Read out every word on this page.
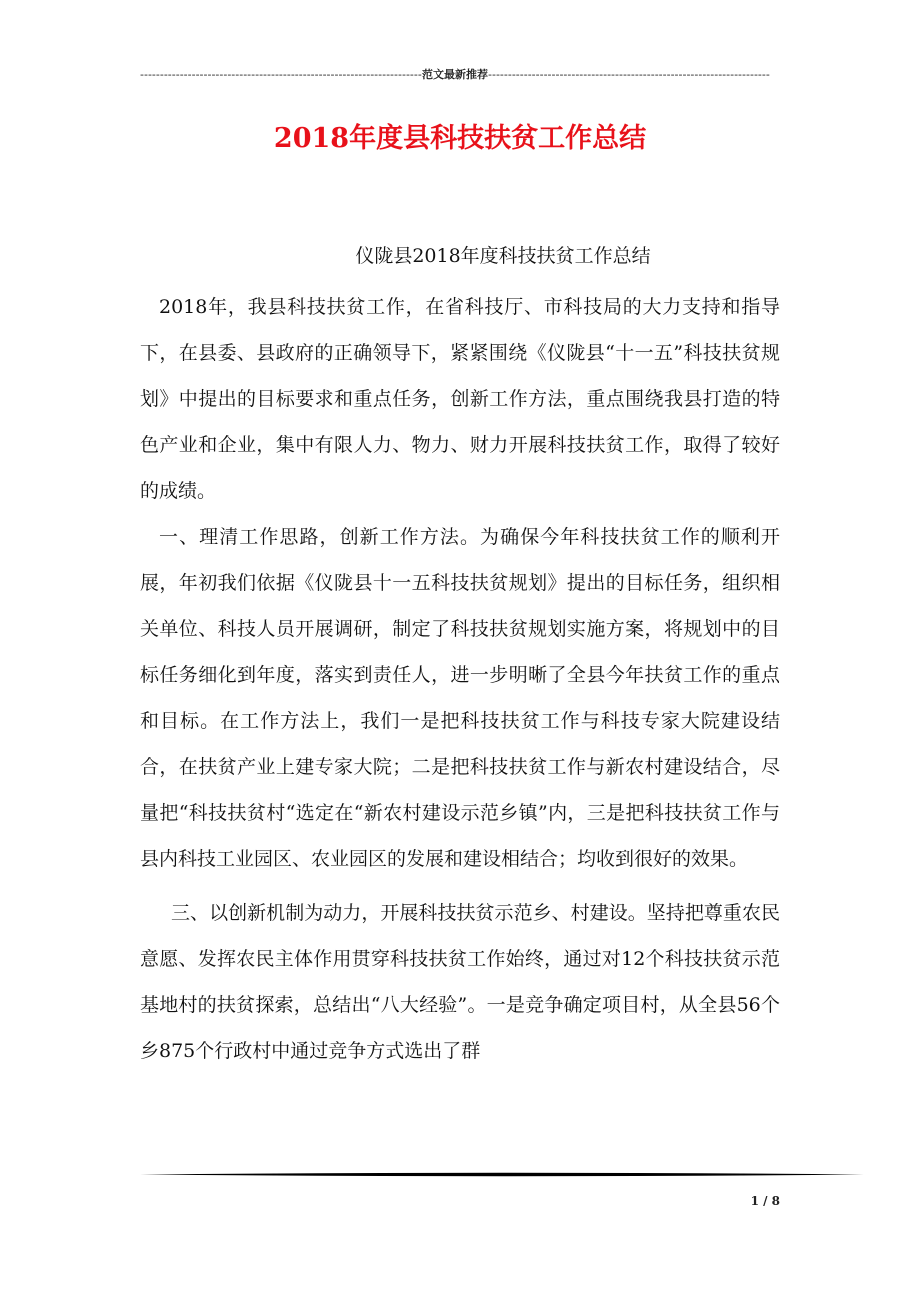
-----
范文最新推荐
-----
2018年度县科技扶贫工作总结

仪陇县2018年度科技扶贫工作总结

2018年，我县科技扶贫工作，在省科技厅、市科技局的大力支持和指导下，在县委、县政府的正确领导下，紧紧围绕《仪陇县“十一五”科技扶贫规划》中提出的目标要求和重点任务，创新工作方法，重点围绕我县打造的特色产业和企业，集中有限人力、物力、财力开展科技扶贫工作，取得了较好的成绩。

一、理清工作思路，创新工作方法。为确保今年科技扶贫工作的顺利开展，年初我们依据《仪陇县十一五科技扶贫规划》提出的目标任务，组织相关单位、科技人员开展调研，制定了科技扶贫规划实施方案，将规划中的目标任务细化到年度，落实到责任人，进一步明晰了全县今年扶贫工作的重点和目标。在工作方法上，我们一是把科技扶贫工作与科技专家大院建设结合，在扶贫产业上建专家大院；二是把科技扶贫工作与新农村建设结合，尽量把“科技扶贫村“选定在“新农村建设示范乡镇”内，三是把科技扶贫工作与县内科技工业园区、农业园区的发展和建设相结合；均收到很好的效果。

三、以创新机制为动力，开展科技扶贫示范乡、村建设。坚持把尊重农民意愿、发挥农民主体作用贯穿科技扶贫工作始终，通过对12个科技扶贫示范基地村的扶贫探索，总结出“八大经验”。一是竞争确定项目村，从全县56个乡875个行政村中通过竞争方式选出了群

1 / 8
